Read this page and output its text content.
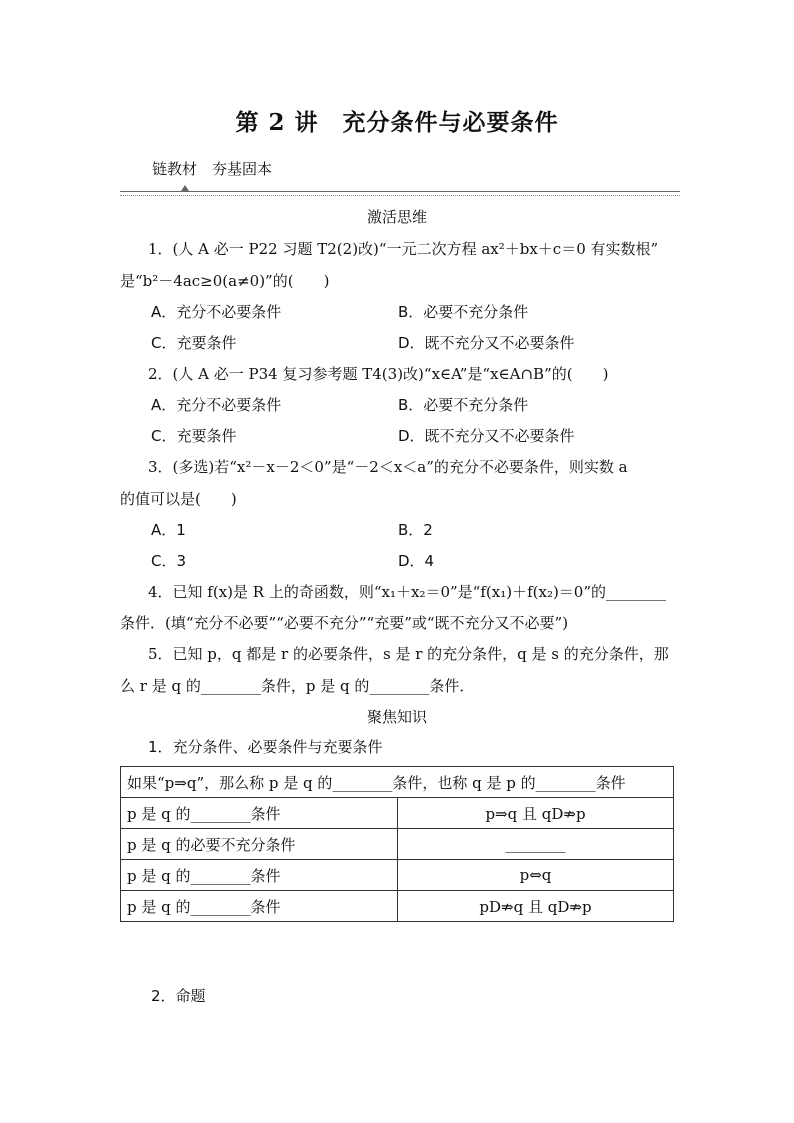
第 2 讲　充分条件与必要条件
链教材　夯基固本
激活思维
1．(人 A 必一 P22 习题 T2(2)改)“一元二次方程 ax²＋bx＋c＝0 有实数根”
是“b²－4ac≥0(a≠0)”的(　　)
A．充分不必要条件	B．必要不充分条件
C．充要条件	D．既不充分又不必要条件
2．(人 A 必一 P34 复习参考题 T4(3)改)“x∈A”是“x∈A∩B”的(　　)
A．充分不必要条件	B．必要不充分条件
C．充要条件	D．既不充分又不必要条件
3．(多选)若“x²－x－2＜0”是“－2＜x＜a”的充分不必要条件，则实数 a
的值可以是(　　)
A．1	B．2
C．3	D．4
4．已知 f(x)是 R 上的奇函数，则“x₁＋x₂＝0”是“f(x₁)＋f(x₂)＝0”的________
条件．(填“充分不必要”“必要不充分”“充要”或“既不充分又不必要”)
5．已知 p，q 都是 r 的必要条件，s 是 r 的充分条件，q 是 s 的充分条件，那
么 r 是 q 的________条件，p 是 q 的________条件．
聚焦知识
1．充分条件、必要条件与充要条件
如果“p⇒q”，那么称 p 是 q 的________条件，也称 q 是 p 的________条件	
p 是 q 的________条件	p⇒q 且 qD⇏p
p 是 q 的必要不充分条件	________
p 是 q 的________条件	p⇔q
p 是 q 的________条件	pD⇏q 且 qD⇏p
2．命题
